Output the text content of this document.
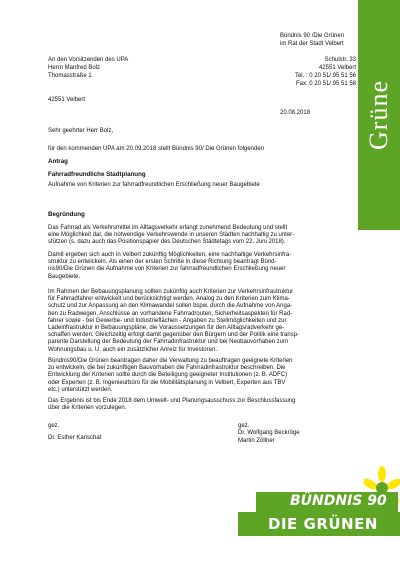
Grüne
Bündnis 90 /Die Grünen
im Rat der Stadt Velbert
Schulstr. 33
42551 Velbert
Tel. : 0 20 51/ 95 51 56
Fax: 0 20 51/ 95 51 58
An den Vorsitzenden des UPA
Herrn Manfred Bolz
Thomasstraße 1
42551 Velbert
20.08.2018
Sehr geehrter Herr Bolz,
für den kommenden UPA am 20.09.2018 stellt Bündnis 90/ Die Grünen folgenden
Antrag
Fahrradfreundliche Stadtplanung
Aufnahme von Kriterien zur fahrradfreundlichen Erschließung neuer Baugebiete
Begründung
Das Fahrrad als Verkehrsmittel im Alltagsverkehr erlangt zunehmend Bedeutung und stellt
eine Möglichkeit dar, die notwendige Verkehrswende in unseren Städten nachhaltig zu unter-
stützen (s. dazu auch das Positionspapier des Deutschen Städtetags vom 22. Juni 2018).
Damit ergeben sich auch in Velbert zukünftig Möglichkeiten, eine nachhaltige Verkehrsinfra-
struktur zu entwickeln. Als einen der ersten Schritte in diese Richtung beantragt Bünd-
nis90/Die Grünen die Aufnahme von Kriterien zur fahrradfreundlichen Erschließung neuer
Baugebiete.
Im Rahmen der Bebauungsplanung sollten zukünftig auch Kriterien zur Verkehrsinfrastruktur
für Fahrradfahrer entwickelt und berücksichtigt werden. Analog zu den Kriterien zum Klima-
schutz und zur Anpassung an den Klimawandel sollen bspw. durch die Aufnahme von Anga-
ben zu Radwegen, Anschlüsse an vorhandene Fahrradrouten, Sicherheitsaspekten für Rad-
fahrer sowie - bei Gewerbe- und Industrieflächen - Angaben zu Stellmöglichkeiten und zur
Ladeinfrastruktur in Bebauungspläne, die Voraussetzungen für den Alltagsradverkehr ge-
schaffen werden. Gleichzeitig erfolgt damit gegenüber den Bürgern und der Politik eine transp-
parente Darstellung der Bedeutung der Fahrradinfrastruktur und bei Neubauvorhaben zum
Wohnungsbau u. U. auch ein zusätzlicher Anreiz für Investoren.
Bündnis90/Die Grünen beantragen daher die Verwaltung zu beauftragen geeignete Kriterien
zu entwickeln, die bei zukünftigen Bauvorhaben die Fahrradinfrastruktur beschreiben. Die
Entwicklung der Kriterien sollte durch die Beteiligung geeigneter Institutionen (z. B. ADFC)
oder Experten (z. B. Ingenieurbüro für die Mobilitätsplanung in Velbert, Experten aus TBV
etc.) unterstützt werden.
Das Ergebnis ist bis Ende 2018 dem Umwelt- und Planungsausschuss zur Beschlussfassung
über die Kriterien vorzulegen.
gez.
Dr. Esther Kanschat
gez.
Dr. Wolfgang Beckröge
Martin Zöllner
BÜNDNIS 90
DIE GRÜNEN
